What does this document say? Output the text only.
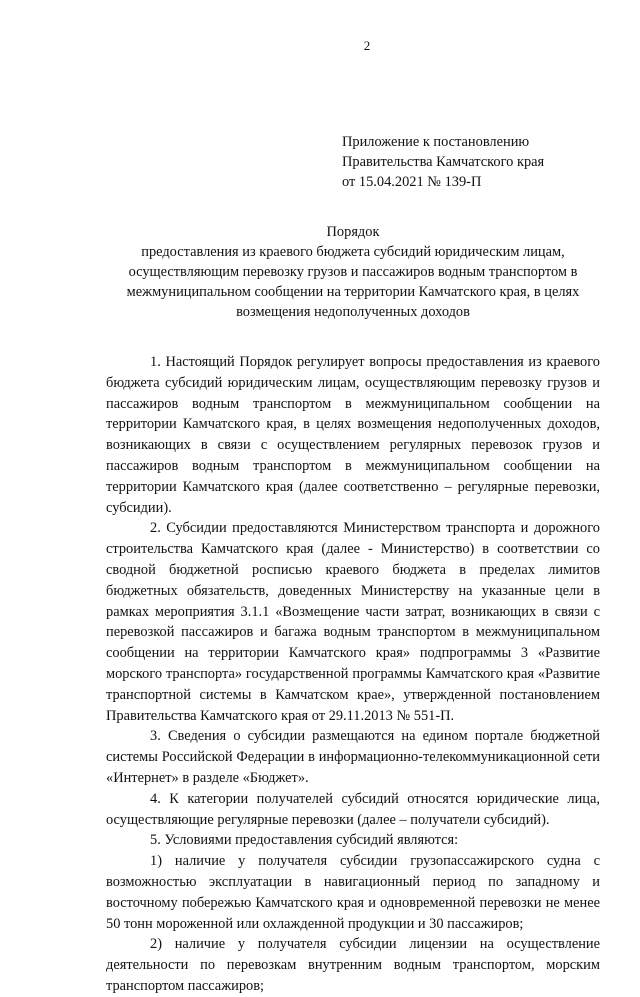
2
Приложение к постановлению
Правительства Камчатского края
от 15.04.2021 № 139-П
Порядок
предоставления из краевого бюджета субсидий юридическим лицам,
осуществляющим перевозку грузов и пассажиров водным транспортом в
межмуниципальном сообщении на территории Камчатского края, в целях
возмещения недополученных доходов

1. Настоящий Порядок регулирует вопросы предоставления из краевого бюджета субсидий юридическим лицам, осуществляющим перевозку грузов и пассажиров водным транспортом в межмуниципальном сообщении на территории Камчатского края, в целях возмещения недополученных доходов, возникающих в связи с осуществлением регулярных перевозок грузов и пассажиров водным транспортом в межмуниципальном сообщении на территории Камчатского края (далее соответственно – регулярные перевозки, субсидии).

2. Субсидии предоставляются Министерством транспорта и дорожного строительства Камчатского края (далее - Министерство) в соответствии со сводной бюджетной росписью краевого бюджета в пределах лимитов бюджетных обязательств, доведенных Министерству на указанные цели в рамках мероприятия 3.1.1 «Возмещение части затрат, возникающих в связи с перевозкой пассажиров и багажа водным транспортом в межмуниципальном сообщении на территории Камчатского края» подпрограммы 3 «Развитие морского транспорта» государственной программы Камчатского края «Развитие транспортной системы в Камчатском крае», утвержденной постановлением Правительства Камчатского края от 29.11.2013 № 551-П.

3. Сведения о субсидии размещаются на едином портале бюджетной системы Российской Федерации в информационно-телекоммуникационной сети «Интернет» в разделе «Бюджет».

4. К категории получателей субсидий относятся юридические лица, осуществляющие регулярные перевозки (далее – получатели субсидий).

5. Условиями предоставления субсидий являются:

1) наличие у получателя субсидии грузопассажирского судна с возможностью эксплуатации в навигационный период по западному и восточному побережью Камчатского края и одновременной перевозки не менее 50 тонн мороженной или охлажденной продукции и 30 пассажиров;

2) наличие у получателя субсидии лицензии на осуществление деятельности по перевозкам внутренним водным транспортом, морским транспортом пассажиров;
